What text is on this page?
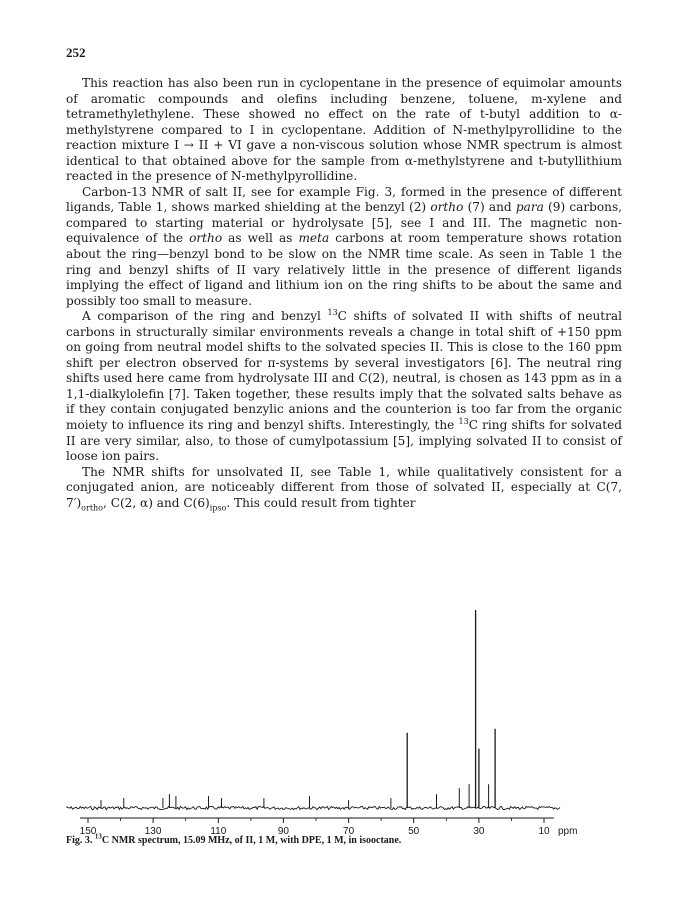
252

This reaction has also been run in cyclopentane in the presence of equimolar amounts of aromatic compounds and olefins including benzene, toluene, m-xylene and tetramethylethylene. These showed no effect on the rate of t-butyl addition to α-methylstyrene compared to I in cyclopentane. Addition of N-methylpyrollidine to the reaction mixture I → II + VI gave a non-viscous solution whose NMR spectrum is almost identical to that obtained above for the sample from α-methylstyrene and t-butyllithium reacted in the presence of N-methylpyrollidine.

Carbon-13 NMR of salt II, see for example Fig. 3, formed in the presence of different ligands, Table 1, shows marked shielding at the benzyl (2) ortho (7) and para (9) carbons, compared to starting material or hydrolysate [5], see I and III. The magnetic non-equivalence of the ortho as well as meta carbons at room temperature shows rotation about the ring—benzyl bond to be slow on the NMR time scale. As seen in Table 1 the ring and benzyl shifts of II vary relatively little in the presence of different ligands implying the effect of ligand and lithium ion on the ring shifts to be about the same and possibly too small to measure.

A comparison of the ring and benzyl $^{13}$C shifts of solvated II with shifts of neutral carbons in structurally similar environments reveals a change in total shift of +150 ppm on going from neutral model shifts to the solvated species II. This is close to the 160 ppm shift per electron observed for π-systems by several investigators [6]. The neutral ring shifts used here came from hydrolysate III and C(2), neutral, is chosen as 143 ppm as in a 1,1-dialkylolefin [7]. Taken together, these results imply that the solvated salts behave as if they contain conjugated benzylic anions and the counterion is too far from the organic moiety to influence its ring and benzyl shifts. Interestingly, the $^{13}$C ring shifts for solvated II are very similar, also, to those of cumylpotassium [5], implying solvated II to consist of loose ion pairs.

The NMR shifts for unsolvated II, see Table 1, while qualitatively consistent for a conjugated anion, are noticeably different from those of solvated II, especially at C(7, $7')_{ortho}$, C(2, α) and $C(6)_{ipso}$. This could result from tighter

150	130	110	90	70	50	30	10 ppm
Fig. 3. $^{13}$C NMR spectrum, 15.09 MHz, of II, 1 M, with DPE, 1 M, in isooctane.
